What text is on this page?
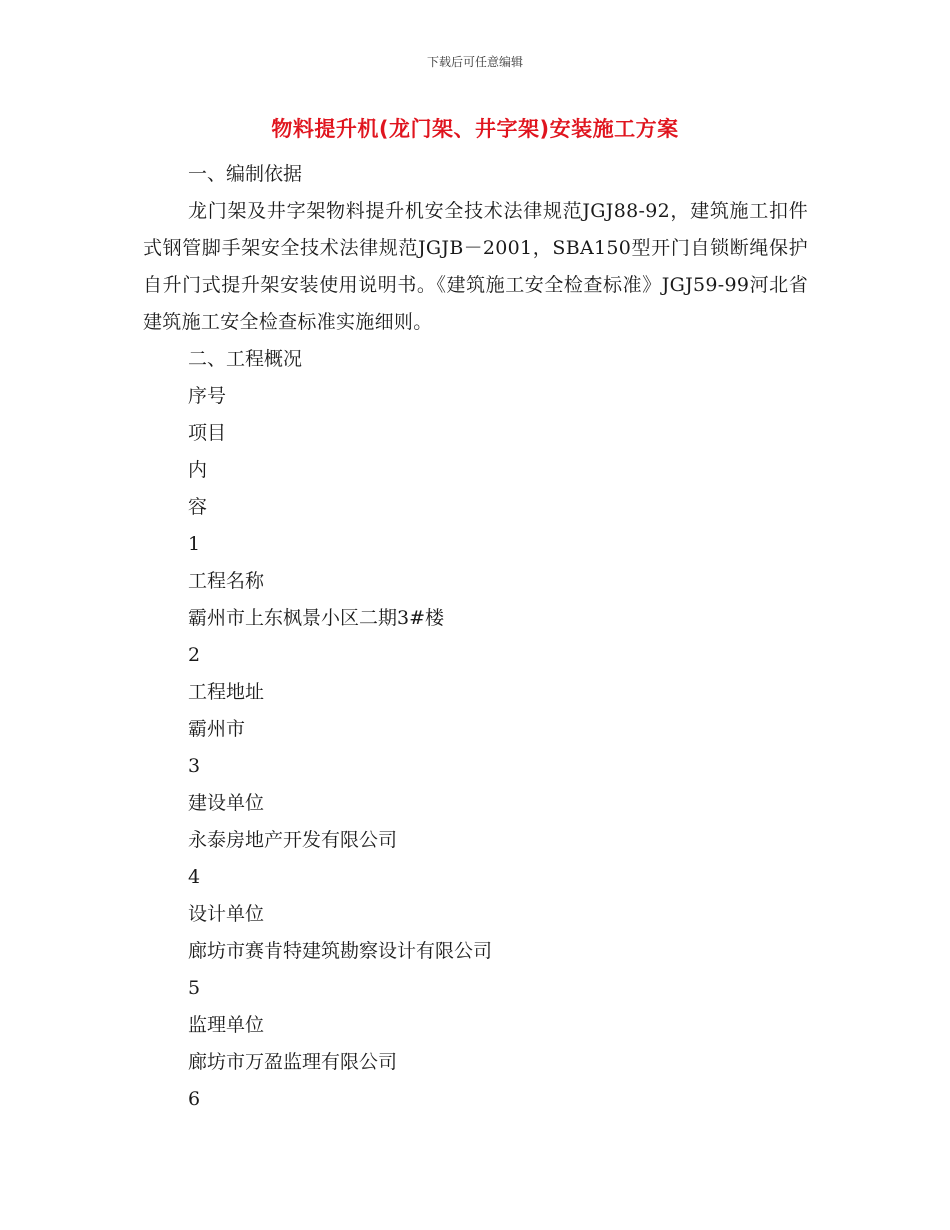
下载后可任意编辑
物料提升机(龙门架、井字架)安装施工方案
一、编制依据
龙门架及井字架物料提升机安全技术法律规范JGJ88-92，建筑施工扣件式钢管脚手架安全技术法律规范JGJB－2001，SBA150型开门自锁断绳保护自升门式提升架安装使用说明书。《建筑施工安全检查标准》JGJ59-99河北省建筑施工安全检查标准实施细则。
二、工程概况
序号
项目
内
容
1
工程名称
霸州市上东枫景小区二期3#楼
2
工程地址
霸州市
3
建设单位
永泰房地产开发有限公司
4
设计单位
廊坊市赛肯特建筑勘察设计有限公司
5
监理单位
廊坊市万盈监理有限公司
6
